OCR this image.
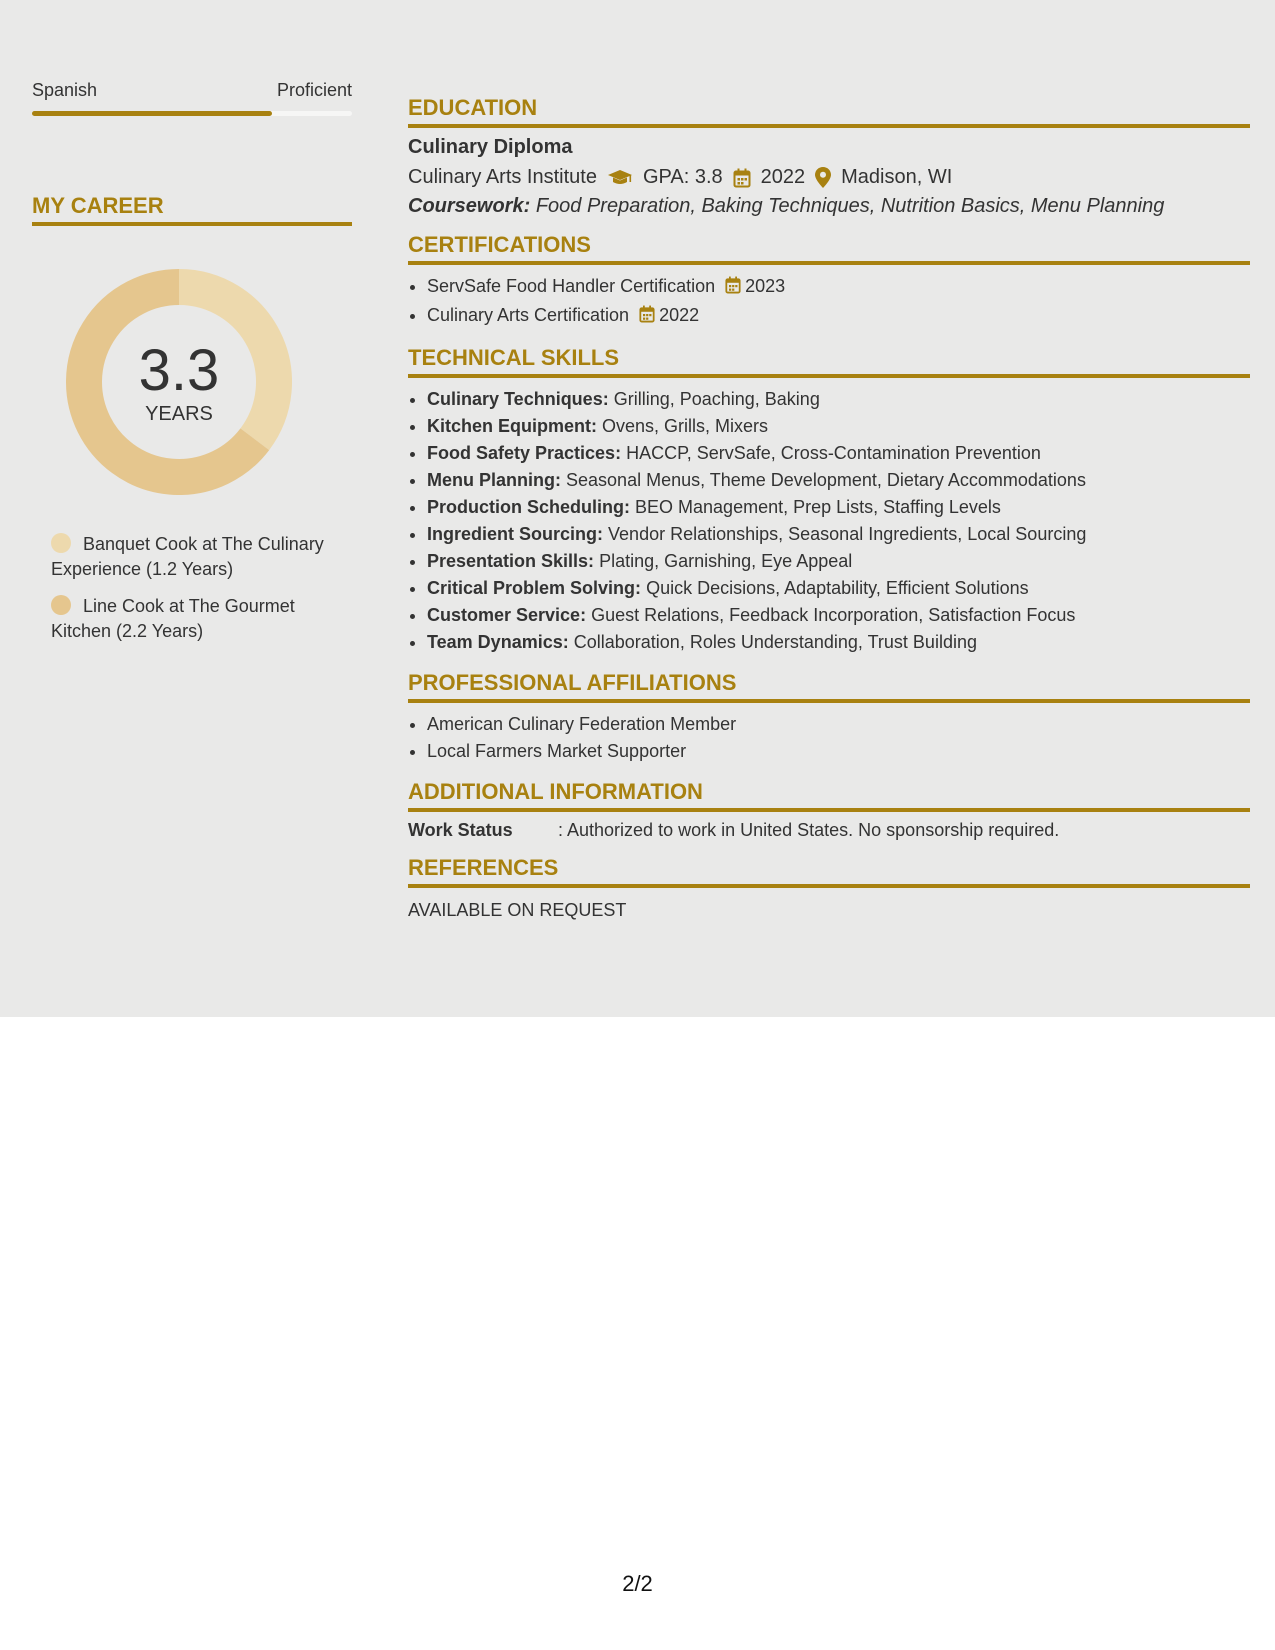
Spanish	Proficient
MY CAREER
3.3
YEARS
Banquet Cook at The Culinary Experience (1.2 Years)
Line Cook at The Gourmet Kitchen (2.2 Years)
EDUCATION
Culinary Diploma
Culinary Arts Institute GPA: 3.8 2022 Madison, WI
Coursework: Food Preparation, Baking Techniques, Nutrition Basics, Menu Planning
CERTIFICATIONS
• ServSafe Food Handler Certification 2023
• Culinary Arts Certification 2022
TECHNICAL SKILLS
• Culinary Techniques: Grilling, Poaching, Baking
• Kitchen Equipment: Ovens, Grills, Mixers
• Food Safety Practices: HACCP, ServSafe, Cross-Contamination Prevention
• Menu Planning: Seasonal Menus, Theme Development, Dietary Accommodations
• Production Scheduling: BEO Management, Prep Lists, Staffing Levels
• Ingredient Sourcing: Vendor Relationships, Seasonal Ingredients, Local Sourcing
• Presentation Skills: Plating, Garnishing, Eye Appeal
• Critical Problem Solving: Quick Decisions, Adaptability, Efficient Solutions
• Customer Service: Guest Relations, Feedback Incorporation, Satisfaction Focus
• Team Dynamics: Collaboration, Roles Understanding, Trust Building
PROFESSIONAL AFFILIATIONS
• American Culinary Federation Member
• Local Farmers Market Supporter
ADDITIONAL INFORMATION
Work Status	: Authorized to work in United States. No sponsorship required.
REFERENCES
AVAILABLE ON REQUEST
2/2
